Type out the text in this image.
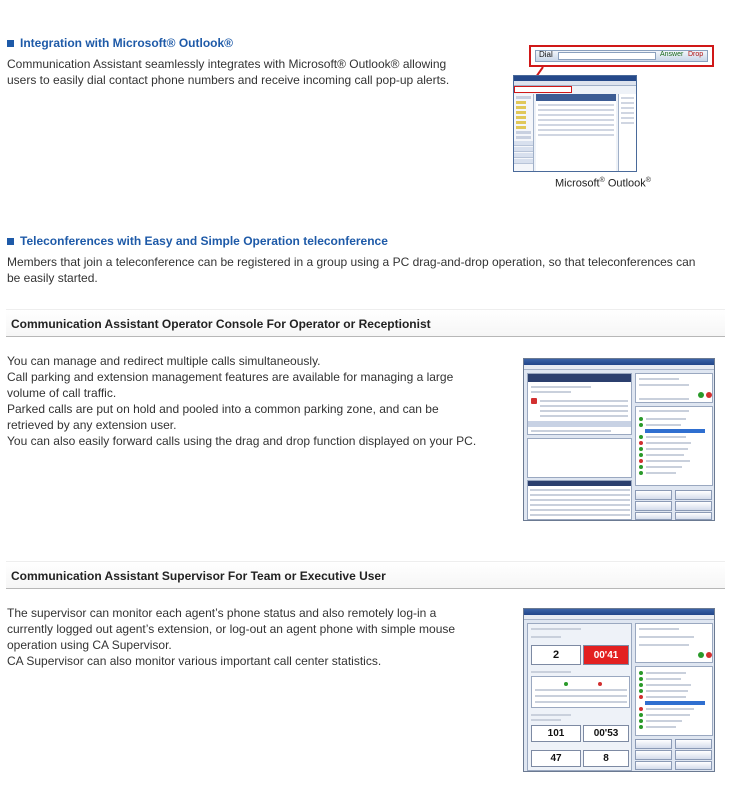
Integration with Microsoft® Outlook®
Communication Assistant seamlessly integrates with Microsoft® Outlook® allowing
users to easily dial contact phone numbers and receive incoming call pop-up alerts.
Dial	Answer Drop
Microsoft® Outlook®
Teleconferences with Easy and Simple Operation teleconference
Members that join a teleconference can be registered in a group using a PC drag-and-drop operation, so that teleconferences can
be easily started.
Communication Assistant Operator Console For Operator or Receptionist
You can manage and redirect multiple calls simultaneously.
Call parking and extension management features are available for managing a large
volume of call traffic.
Parked calls are put on hold and pooled into a common parking zone, and can be
retrieved by any extension user.
You can also easily forward calls using the drag and drop function displayed on your PC.
Communication Assistant Supervisor For Team or Executive User
The supervisor can monitor each agent’s phone status and also remotely log-in a
currently logged out agent’s extension, or log-out an agent phone with simple mouse
operation using CA Supervisor.
CA Supervisor can also monitor various important call center statistics.	2	00'41
101	00'53
47	8
